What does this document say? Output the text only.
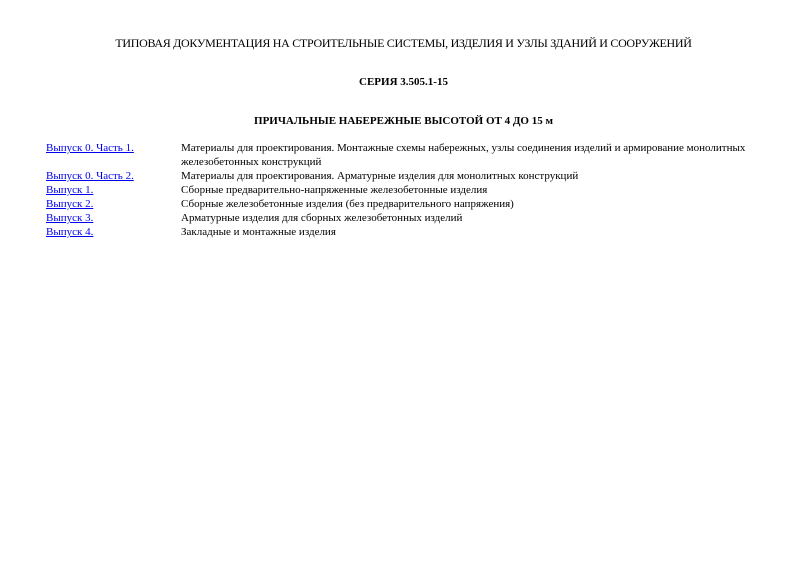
ТИПОВАЯ ДОКУМЕНТАЦИЯ НА СТРОИТЕЛЬНЫЕ СИСТЕМЫ, ИЗДЕЛИЯ И УЗЛЫ ЗДАНИЙ И СООРУЖЕНИЙ
СЕРИЯ 3.505.1-15
ПРИЧАЛЬНЫЕ НАБЕРЕЖНЫЕ ВЫСОТОЙ ОТ 4 ДО 15 м
Выпуск 0. Часть 1.	Материалы для проектирования. Монтажные схемы набережных, узлы соединения изделий и армирование монолитных железобетонных конструкций
Выпуск 0. Часть 2.	Материалы для проектирования. Арматурные изделия для монолитных конструкций
Выпуск 1.	Сборные предварительно-напряженные железобетонные изделия
Выпуск 2.	Сборные железобетонные изделия (без предварительного напряжения)
Выпуск 3.	Арматурные изделия для сборных железобетонных изделий
Выпуск 4.	Закладные и монтажные изделия
